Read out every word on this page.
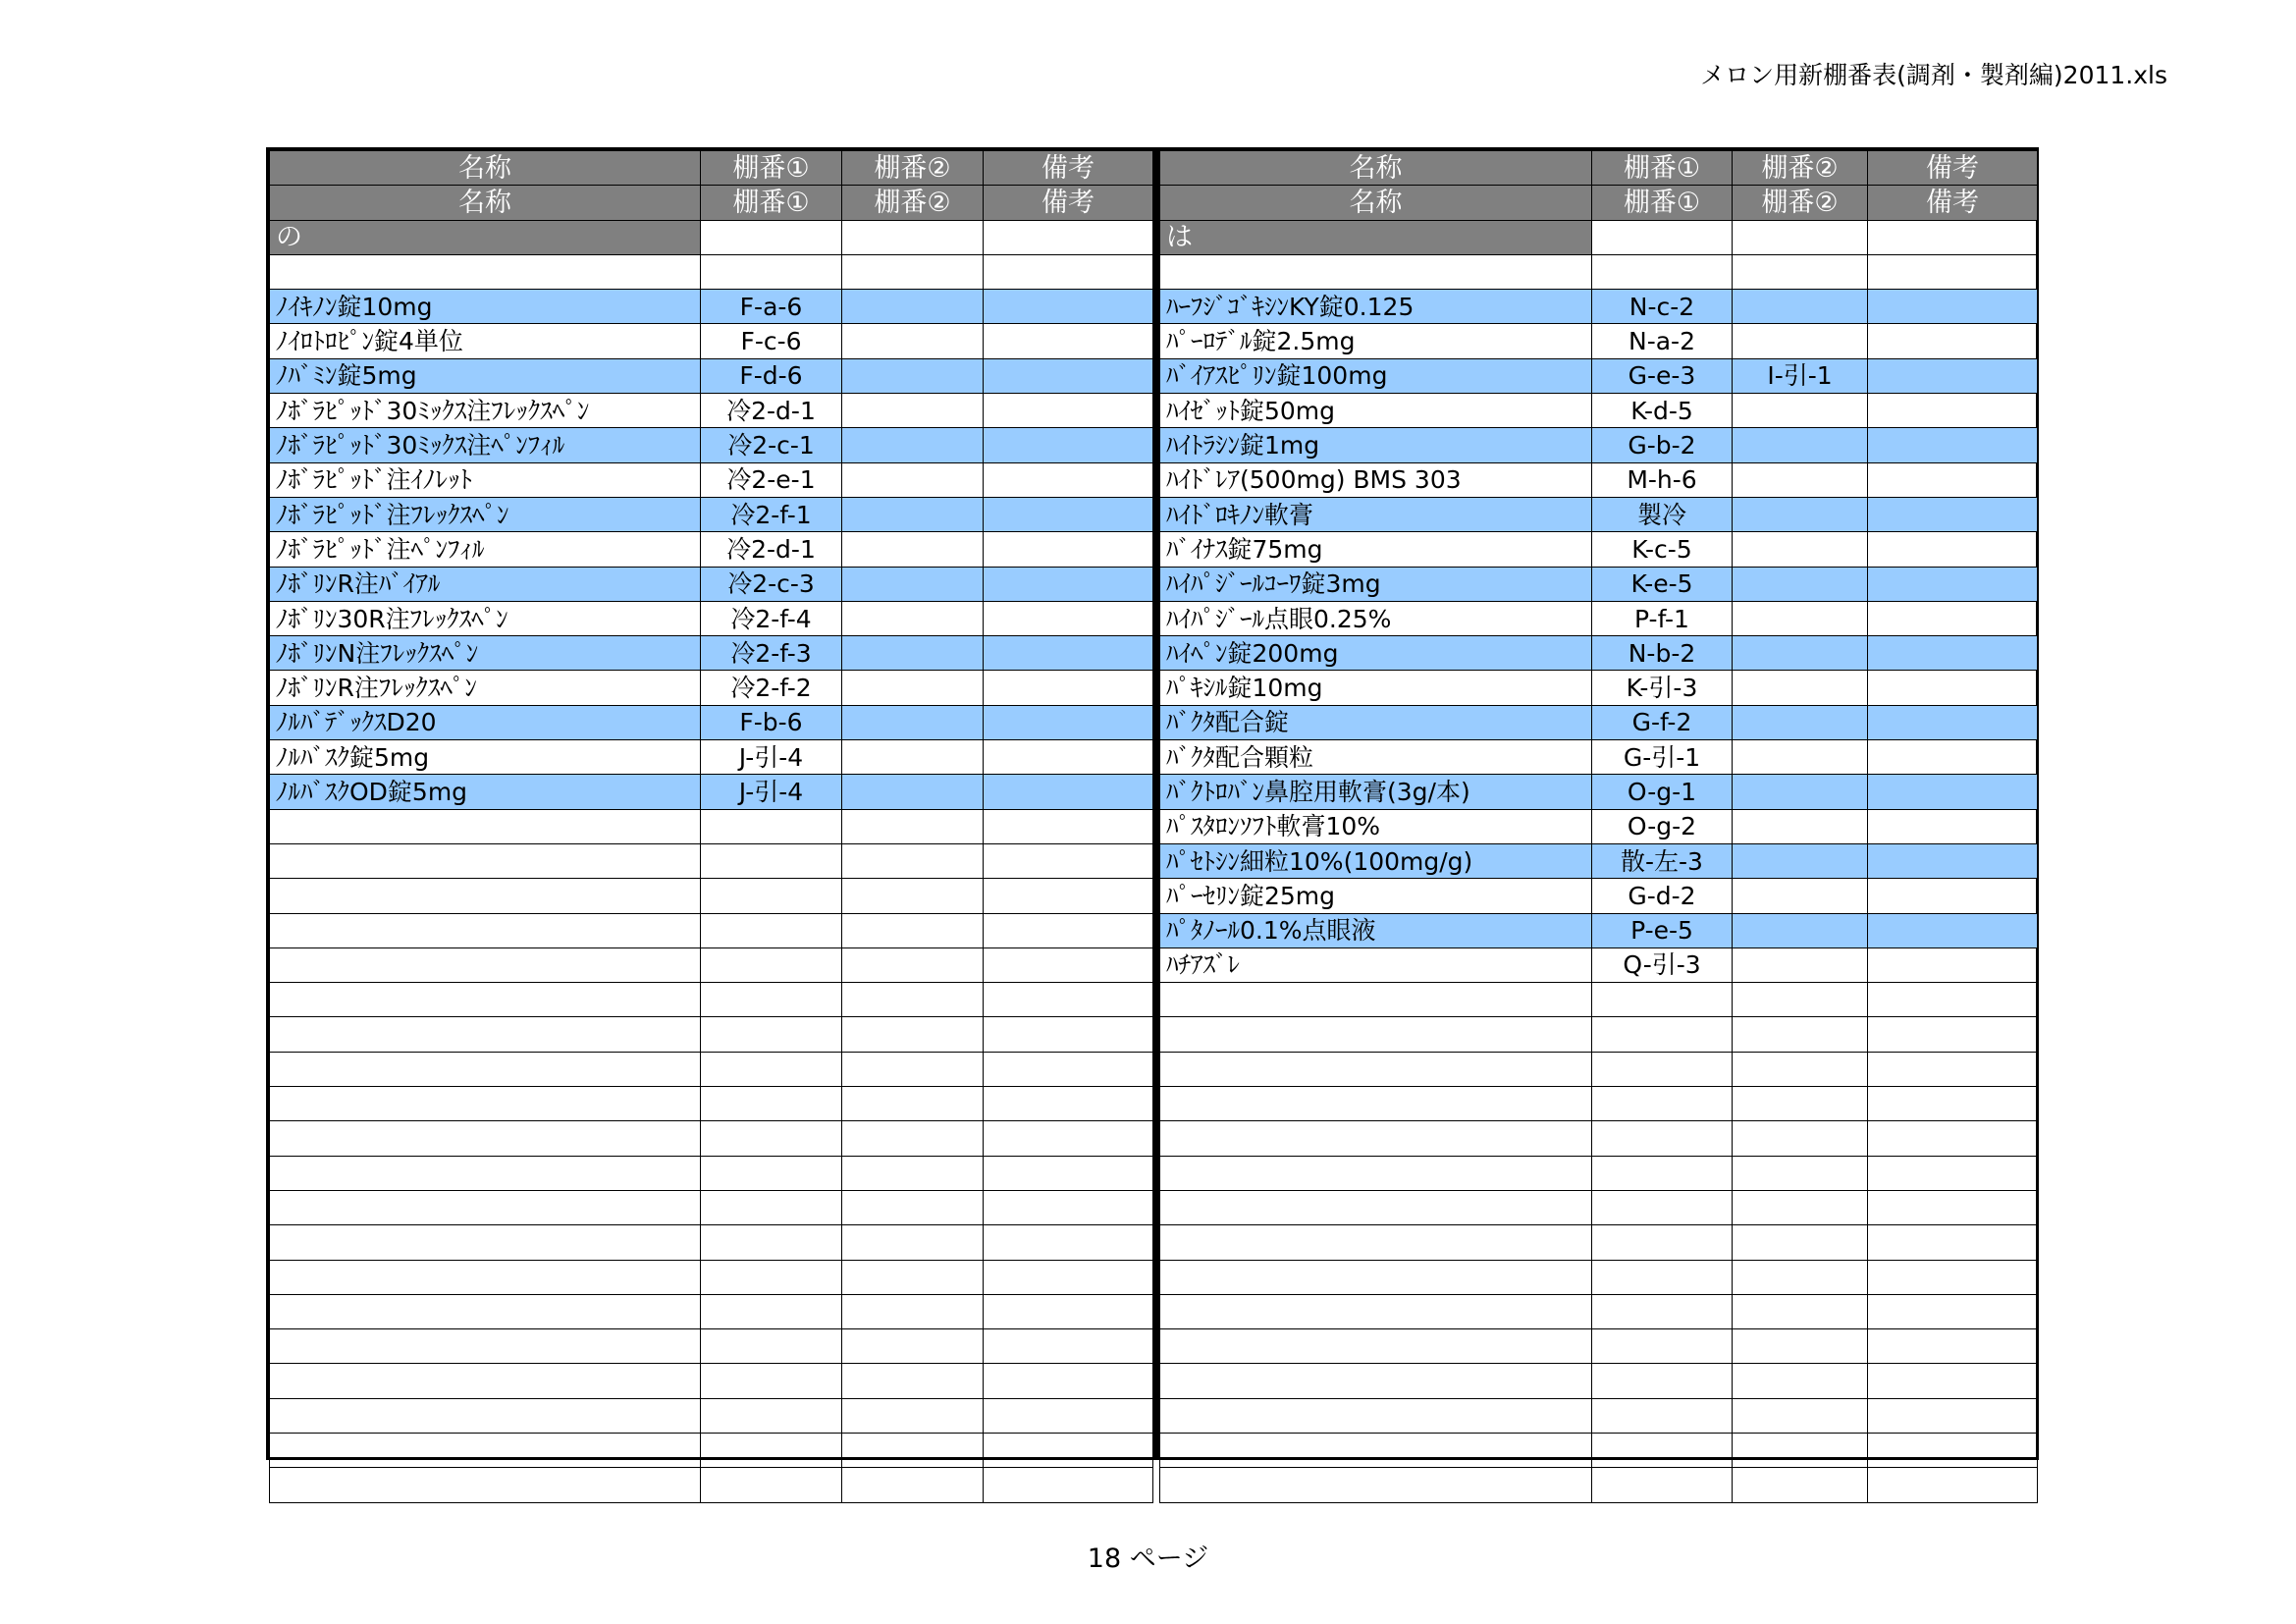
メロン用新棚番表(調剤・製剤編)2011.xls
名称	棚番①	棚番②	備考
名称	棚番①	棚番②	備考
の			

ﾉｲｷﾉﾝ錠10mg	F-a-6		
ﾉｲﾛﾄﾛﾋﾟﾝ錠4単位	F-c-6		
ﾉﾊﾞﾐﾝ錠5mg	F-d-6		
ﾉﾎﾞﾗﾋﾟｯﾄﾞ30ﾐｯｸｽ注ﾌﾚｯｸｽﾍﾟﾝ	冷2-d-1		
ﾉﾎﾞﾗﾋﾟｯﾄﾞ30ﾐｯｸｽ注ﾍﾟﾝﾌｨﾙ	冷2-c-1		
ﾉﾎﾞﾗﾋﾟｯﾄﾞ注ｲﾉﾚｯﾄ	冷2-e-1		
ﾉﾎﾞﾗﾋﾟｯﾄﾞ注ﾌﾚｯｸｽﾍﾟﾝ	冷2-f-1		
ﾉﾎﾞﾗﾋﾟｯﾄﾞ注ﾍﾟﾝﾌｨﾙ	冷2-d-1		
ﾉﾎﾞﾘﾝR注ﾊﾞｲｱﾙ	冷2-c-3		
ﾉﾎﾞﾘﾝ30R注ﾌﾚｯｸｽﾍﾟﾝ	冷2-f-4		
ﾉﾎﾞﾘﾝN注ﾌﾚｯｸｽﾍﾟﾝ	冷2-f-3		
ﾉﾎﾞﾘﾝR注ﾌﾚｯｸｽﾍﾟﾝ	冷2-f-2		
ﾉﾙﾊﾞﾃﾞｯｸｽD20	F-b-6		
ﾉﾙﾊﾞｽｸ錠5mg	J-引-4		
ﾉﾙﾊﾞｽｸOD錠5mg	J-引-4		

名称	棚番①	棚番②	備考
名称	棚番①	棚番②	備考
は			

ﾊｰﾌｼﾞｺﾞｷｼﾝKY錠0.125	N-c-2		
ﾊﾟｰﾛﾃﾞﾙ錠2.5mg	N-a-2		
ﾊﾞｲｱｽﾋﾟﾘﾝ錠100mg	G-e-3	I-引-1	
ﾊｲｾﾞｯﾄ錠50mg	K-d-5		
ﾊｲﾄﾗｼﾝ錠1mg	G-b-2		
ﾊｲﾄﾞﾚｱ(500mg) BMS 303	M-h-6		
ﾊｲﾄﾞﾛｷﾉﾝ軟膏	製冷		
ﾊﾞｲﾅｽ錠75mg	K-c-5		
ﾊｲﾊﾟｼﾞｰﾙｺｰﾜ錠3mg	K-e-5		
ﾊｲﾊﾟｼﾞｰﾙ点眼0.25%	P-f-1		
ﾊｲﾍﾟﾝ錠200mg	N-b-2		
ﾊﾟｷｼﾙ錠10mg	K-引-3		
ﾊﾞｸﾀ配合錠	G-f-2		
ﾊﾞｸﾀ配合顆粒	G-引-1		
ﾊﾞｸﾄﾛﾊﾞﾝ鼻腔用軟膏(3g/本)	O-g-1		
ﾊﾟｽﾀﾛﾝｿﾌﾄ軟膏10%	O-g-2		
ﾊﾟｾﾄｼﾝ細粒10%(100mg/g)	散-左-3		
ﾊﾟｰｾﾘﾝ錠25mg	G-d-2		
ﾊﾟﾀﾉｰﾙ0.1%点眼液	P-e-5		
ﾊﾁｱｽﾞﾚ	Q-引-3		

18 ページ
